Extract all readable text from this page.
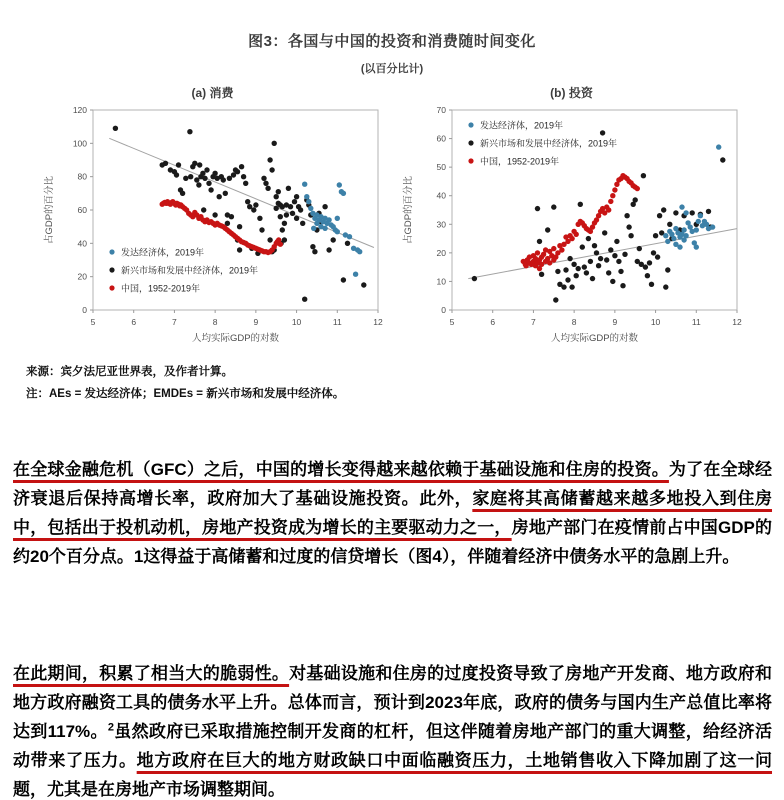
图3：各国与中国的投资和消费随时间变化
(以百分比计)
(a) 消费
0
20
40
60
80
100
120
5	6	7	8	9	10	11	12
人均实际GDP的对数
占GDP的百分比
发达经济体，2019年
新兴市场和发展中经济体，2019年
中国，1952-2019年
(b) 投资
0
10
20
30
40
50
60
70
5	6	7	8	9	10	11	12
人均实际GDP的对数
占GDP的百分比
发达经济体，2019年
新兴市场和发展中经济体，2019年
中国，1952-2019年
来源：宾夕法尼亚世界表，及作者计算。
注：AEs = 发达经济体；EMDEs = 新兴市场和发展中经济体。

在全球金融危机（GFC）之后，中国的增长变得越来越依赖于基础设施和住房的投资。为了在全球经济衰退后保持高增长率，政府加大了基础设施投资。此外，家庭将其高储蓄越来越多地投入到住房中，包括出于投机动机，房地产投资成为增长的主要驱动力之一，房地产部门在疫情前占中国GDP的约20个百分点。1这得益于高储蓄和过度的信贷增长（图4），伴随着经济中债务水平的急剧上升。

在此期间，积累了相当大的脆弱性。对基础设施和住房的过度投资导致了房地产开发商、地方政府和地方政府融资工具的债务水平上升。总体而言，预计到2023年底，政府的债务与国内生产总值比率将达到117%。$^2$虽然政府已采取措施控制开发商的杠杆，但这伴随着房地产部门的重大调整，给经济活动带来了压力。地方政府在巨大的地方财政缺口中面临融资压力，土地销售收入下降加剧了这一问题，尤其是在房地产市场调整期间。
